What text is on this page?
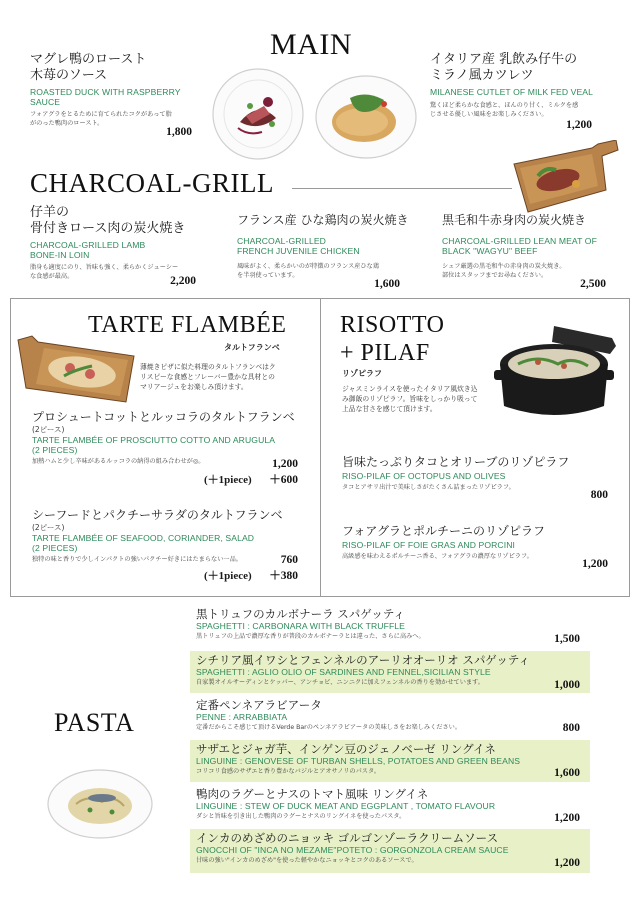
MAIN
マグレ鴨のロースト
木苺のソース
ROASTED DUCK WITH RASPBERRY
SAUCE
フォアグラをとるために育てられたコクがあって脂
がのった鴨肉のロースト。
1,800
イタリア産 乳飲み仔牛の
ミラノ風カツレツ
MILANESE CUTLET OF MILK FED VEAL
驚くほど柔らかな食感と、ほんのり甘く、ミルクを感
じさせる優しい風味をお楽しみください。
1,200
CHARCOAL-GRILL
仔羊の
骨付きロース肉の炭火焼き
CHARCOAL-GRILLED LAMB
BONE-IN LOIN
脂身も適度にのり、旨味も強く、柔らかくジューシー
な食感が最高。	2,200
フランス産 ひな鶏肉の炭火焼き
CHARCOAL-GRILLED
FRENCH JUVENILE CHICKEN
風味がよく、柔らかいのが特徴のフランス産ひな鶏
を半羽使っています。
1,600
黒毛和牛赤身肉の炭火焼き
CHARCOAL-GRILLED LEAN MEAT OF
BLACK "WAGYU" BEEF
シェフ厳選の黒毛和牛の赤身肉の炭火焼き。
部位はスタッフまでお尋ねください。
2,500
TARTE FLAMBÉE
タルトフランベ
薄焼きピザに似た料理のタルトフランベはク
リスピーな食感とフレーバー豊かな具材との
マリアージュをお楽しみ頂けます。
プロシュートコットとルッコラのタルトフランベ
(2ピース)
TARTE FLAMBÉE OF PROSCIUTTO COTTO AND ARUGULA
(2 PIECES)
加熱ハムと少し辛味があるルッコラの納得の組み合わせが◎。	1,200
(＋1piece)	＋600
シーフードとパクチーサラダのタルトフランベ
(2ピース)
TARTE FLAMBÉE OF SEAFOOD, CORIANDER, SALAD
(2 PIECES)
独特の味と香りで少しインパクトの強いパクチー好きにはたまらない一品。	760
(＋1piece)	＋380
RISOTTO
+ PILAF
リゾピラフ
ジャスミンライスを使ったイタリア風炊き込
み御飯のリゾピラフ。旨味をしっかり吸って
上品な甘さを感じて頂けます。
旨味たっぷりタコとオリーブのリゾピラフ
RISO-PILAF OF OCTOPUS AND OLIVES
タコとアサリ出汁で美味しさがたくさん詰まったリゾピラフ。
800
フォアグラとポルチーニのリゾピラフ
RISO-PILAF OF FOIE GRAS AND PORCINI
高級感を味わえるポルチーニ香る、フォアグラの濃厚なリゾピラフ。
1,200
PASTA
黒トリュフのカルボナーラ スパゲッティ
SPAGHETTI : CARBONARA WITH BLACK TRUFFLE
黒トリュフの上品で濃厚な香りが普段のカルボナーラとは違った、さらに高みへ。	1,500
シチリア風イワシとフェンネルのアーリオオーリオ スパゲッティ
SPAGHETTI : AGLIO OLIO OF SARDINES AND FENNEL,SICILIAN STYLE
自家製オイルサーディンとケッパー、アンチョビ、ニンニクに加えフェンネルの香りを効かせています。	1,000
定番ペンネアラビアータ
PENNE : ARRABBIATA
定番だからこそ感じて頂けるVerde Barのペンネアラビアータの美味しさをお楽しみください。	800
サザエとジャガ芋、インゲン豆のジェノベーゼ リングイネ
LINGUINE : GENOVESE OF TURBAN SHELLS, POTATOES AND GREEN BEANS
コリコリ食感のサザエと香り豊かなバジルとアオサノリのパスタ。	1,600
鴨肉のラグーとナスのトマト風味 リングイネ
LINGUINE : STEW OF DUCK MEAT AND EGGPLANT , TOMATO FLAVOUR
ダシと旨味を引き出した鴨肉のラグーとナスのリングイネを使ったパスタ。	1,200
インカのめざめのニョッキ ゴルゴンゾーラクリームソース
GNOCCHI OF "INCA NO MEZAME"POTETO : GORGONZOLA CREAM SAUCE
甘味の強い"インカのめざめ"を使った軽やかなニョッキとコクのあるソースで。	1,200
